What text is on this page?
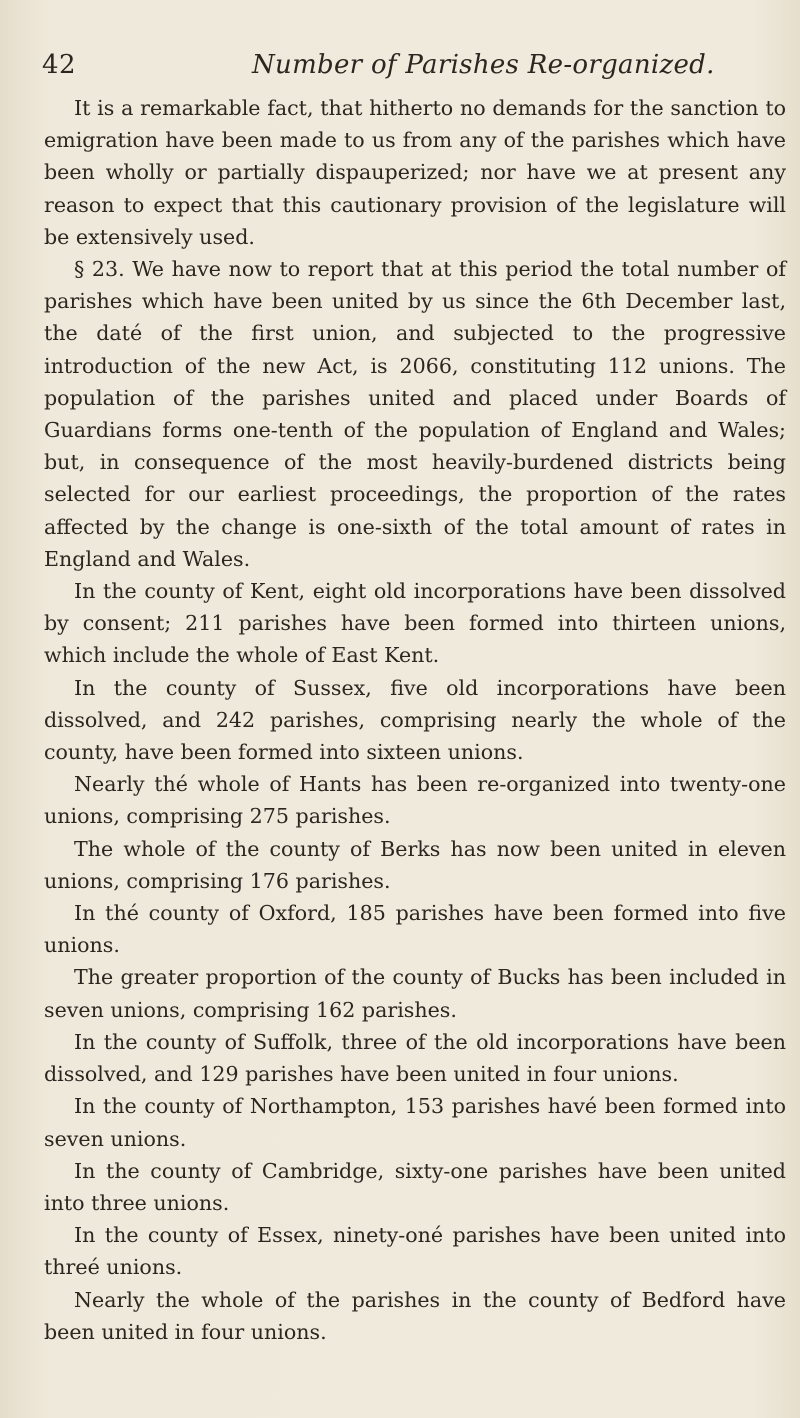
42	Number of Parishes Re-organized.

It is a remarkable fact, that hitherto no demands for the sanction to emigration have been made to us from any of the parishes which have been wholly or partially dispauperized; nor have we at present any reason to expect that this cautionary provision of the legislature will be extensively used.

§ 23. We have now to report that at this period the total number of parishes which have been united by us since the 6th December last, the daté of the first union, and subjected to the progressive introduction of the new Act, is 2066, constituting 112 unions. The population of the parishes united and placed under Boards of Guardians forms one-tenth of the population of England and Wales; but, in consequence of the most heavily-burdened districts being selected for our earliest proceedings, the proportion of the rates affected by the change is one-sixth of the total amount of rates in England and Wales.

In the county of Kent, eight old incorporations have been dissolved by consent; 211 parishes have been formed into thirteen unions, which include the whole of East Kent.

In the county of Sussex, five old incorporations have been dissolved, and 242 parishes, comprising nearly the whole of the county, have been formed into sixteen unions.

Nearly thé whole of Hants has been re-organized into twenty-one unions, comprising 275 parishes.

The whole of the county of Berks has now been united in eleven unions, comprising 176 parishes.

In thé county of Oxford, 185 parishes have been formed into five unions.

The greater proportion of the county of Bucks has been included in seven unions, comprising 162 parishes.

In the county of Suffolk, three of the old incorporations have been dissolved, and 129 parishes have been united in four unions.

In the county of Northampton, 153 parishes havé been formed into seven unions.

In the county of Cambridge, sixty-one parishes have been united into three unions.

In the county of Essex, ninety-oné parishes have been united into threé unions.

Nearly the whole of the parishes in the county of Bedford have been united in four unions.
